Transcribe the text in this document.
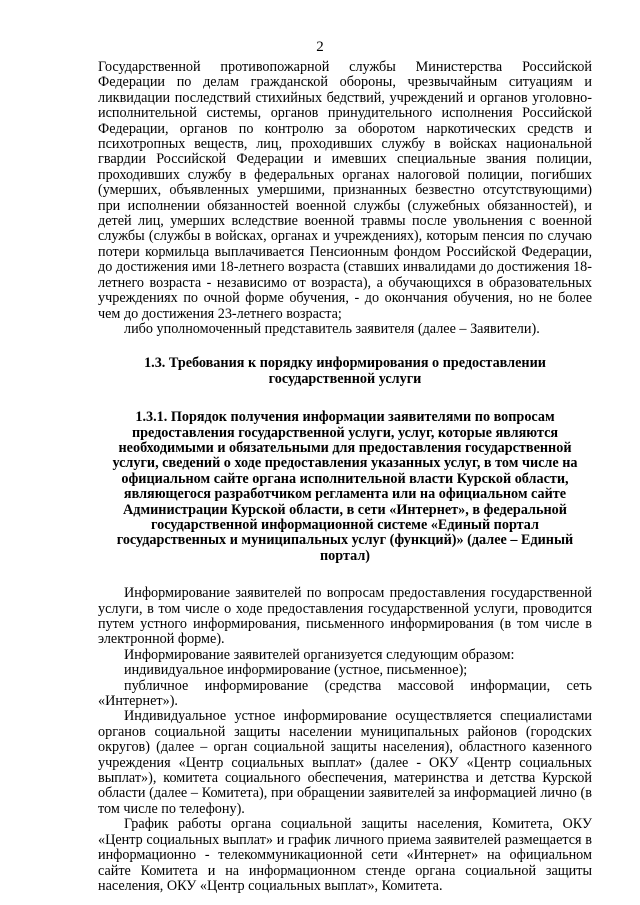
2

Государственной противопожарной службы Министерства Российской Федерации по делам гражданской обороны, чрезвычайным ситуациям и ликвидации последствий стихийных бедствий, учреждений и органов уголовно-исполнительной системы, органов принудительного исполнения Российской Федерации, органов по контролю за оборотом наркотических средств и психотропных веществ, лиц, проходивших службу в войсках национальной гвардии Российской Федерации и имевших специальные звания полиции, проходивших службу в федеральных органах налоговой полиции, погибших (умерших, объявленных умершими, признанных безвестно отсутствующими) при исполнении обязанностей военной службы (служебных обязанностей), и детей лиц, умерших вследствие военной травмы после увольнения с военной службы (службы в войсках, органах и учреждениях), которым пенсия по случаю потери кормильца выплачивается Пенсионным фондом Российской Федерации, до достижения ими 18-летнего возраста (ставших инвалидами до достижения 18-летнего возраста - независимо от возраста), а обучающихся в образовательных учреждениях по очной форме обучения, - до окончания обучения, но не более чем до достижения 23-летнего возраста;

либо уполномоченный представитель заявителя (далее – Заявители).

1.3. Требования к порядку информирования о предоставлении государственной услуги
1.3.1. Порядок получения информации заявителями по вопросам предоставления государственной услуги, услуг, которые являются необходимыми и обязательными для предоставления государственной услуги, сведений о ходе предоставления указанных услуг, в том числе на официальном сайте органа исполнительной власти Курской области, являющегося разработчиком регламента или на официальном сайте Администрации Курской области, в сети «Интернет», в федеральной государственной информационной системе «Единый портал государственных и муниципальных услуг (функций)» (далее – Единый портал)

Информирование заявителей по вопросам предоставления государственной услуги, в том числе о ходе предоставления государственной услуги, проводится путем устного информирования, письменного информирования (в том числе в электронной форме).

Информирование заявителей организуется следующим образом:

индивидуальное информирование (устное, письменное);

публичное информирование (средства массовой информации, сеть «Интернет»).

Индивидуальное устное информирование осуществляется специалистами органов социальной защиты населении муниципальных районов (городских округов) (далее – орган социальной защиты населения), областного казенного учреждения «Центр социальных выплат» (далее - ОКУ «Центр социальных выплат»), комитета социального обеспечения, материнства и детства Курской области (далее – Комитета), при обращении заявителей за информацией лично (в том числе по телефону).

График работы органа социальной защиты населения, Комитета, ОКУ «Центр социальных выплат» и график личного приема заявителей размещается в информационно - телекоммуникационной сети «Интернет» на официальном сайте Комитета и на информационном стенде органа социальной защиты населения, ОКУ «Центр социальных выплат», Комитета.
